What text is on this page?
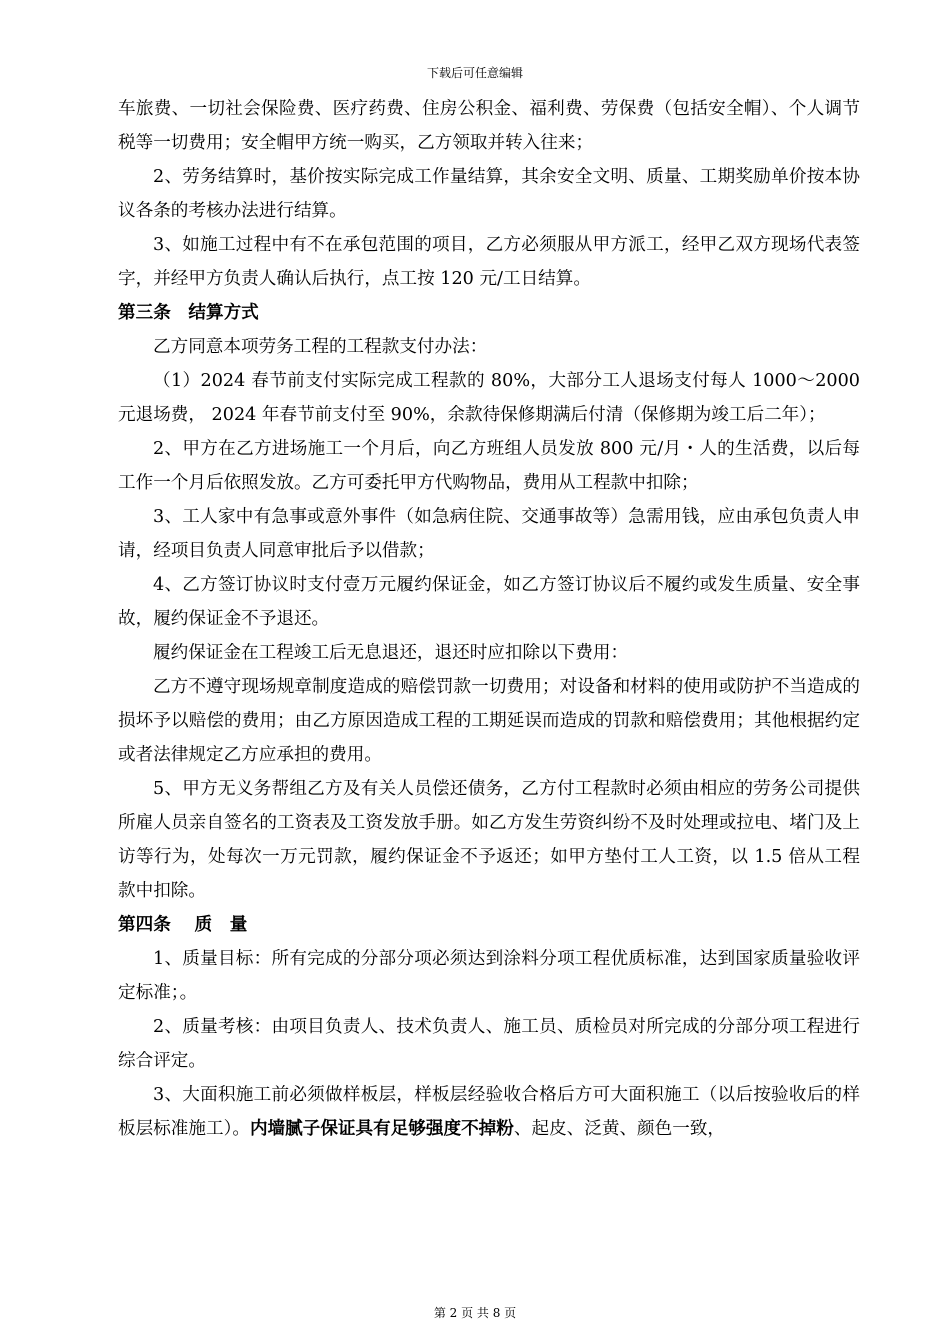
下载后可任意编辑

车旅费、一切社会保险费、医疗药费、住房公积金、福利费、劳保费（包括安全帽）、个人调节税等一切费用；安全帽甲方统一购买，乙方领取并转入往来；

2、劳务结算时，基价按实际完成工作量结算，其余安全文明、质量、工期奖励单价按本协议各条的考核办法进行结算。

3、如施工过程中有不在承包范围的项目，乙方必须服从甲方派工，经甲乙双方现场代表签字，并经甲方负责人确认后执行，点工按 120 元/工日结算。

第三条　结算方式

乙方同意本项劳务工程的工程款支付办法：

（1）2024 春节前支付实际完成工程款的 80%，大部分工人退场支付每人 1000～2000 元退场费， 2024 年春节前支付至 90%，余款待保修期满后付清（保修期为竣工后二年）；

2、甲方在乙方进场施工一个月后，向乙方班组人员发放 800 元/月・人的生活费，以后每工作一个月后依照发放。乙方可委托甲方代购物品，费用从工程款中扣除；

3、工人家中有急事或意外事件（如急病住院、交通事故等）急需用钱，应由承包负责人申请，经项目负责人同意审批后予以借款；

4、乙方签订协议时支付壹万元履约保证金，如乙方签订协议后不履约或发生质量、安全事故，履约保证金不予退还。

履约保证金在工程竣工后无息退还，退还时应扣除以下费用：

乙方不遵守现场规章制度造成的赔偿罚款一切费用；对设备和材料的使用或防护不当造成的损坏予以赔偿的费用；由乙方原因造成工程的工期延误而造成的罚款和赔偿费用；其他根据约定或者法律规定乙方应承担的费用。

5、甲方无义务帮组乙方及有关人员偿还债务，乙方付工程款时必须由相应的劳务公司提供所雇人员亲自签名的工资表及工资发放手册。如乙方发生劳资纠纷不及时处理或拉电、堵门及上访等行为，处每次一万元罚款，履约保证金不予返还；如甲方垫付工人工资，以 1.5 倍从工程款中扣除。

第四条　 质　量

1、质量目标：所有完成的分部分项必须达到涂料分项工程优质标准，达到国家质量验收评定标准；。

2、质量考核：由项目负责人、技术负责人、施工员、质检员对所完成的分部分项工程进行综合评定。

3、大面积施工前必须做样板层，样板层经验收合格后方可大面积施工（以后按验收后的样板层标准施工）。内墙腻子保证具有足够强度不掉粉、起皮、泛黄、颜色一致，

第 2 页 共 8 页
